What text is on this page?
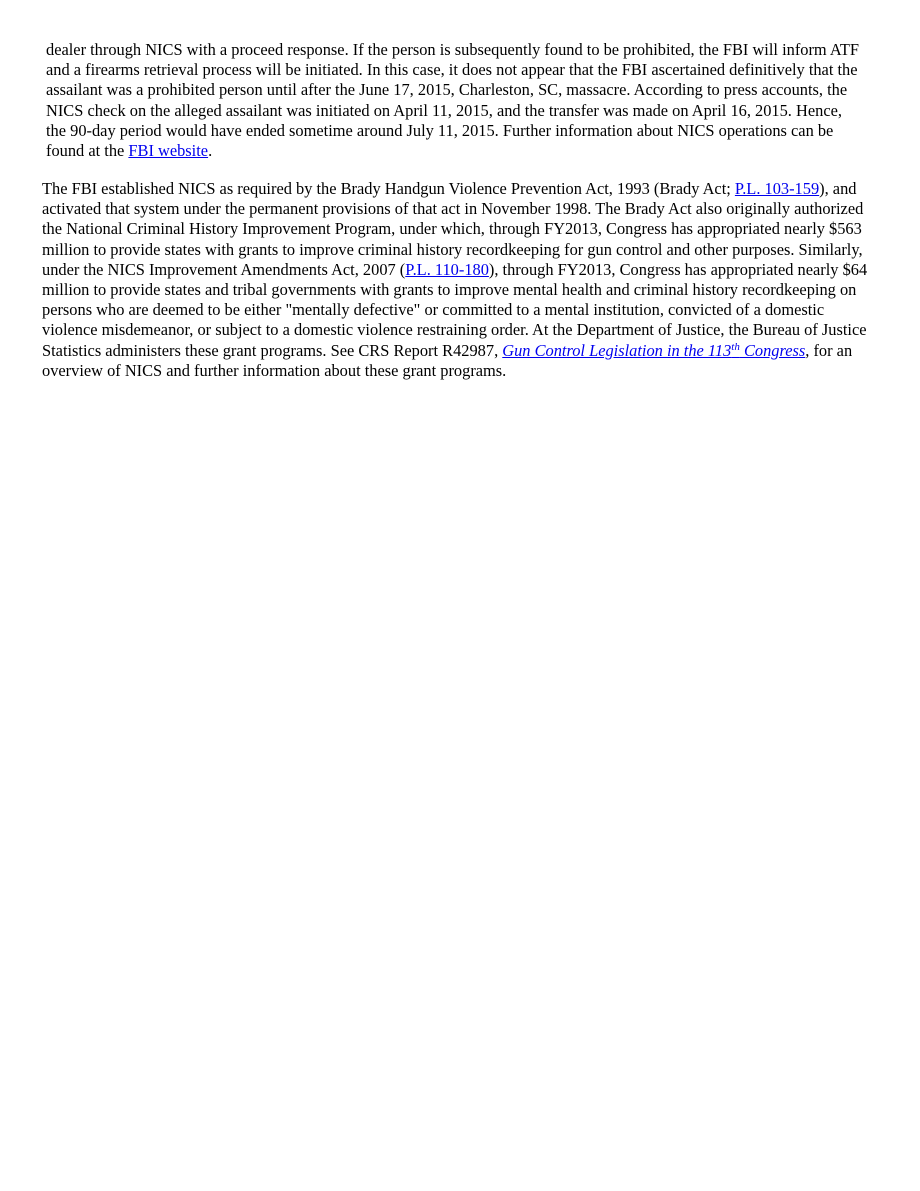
dealer through NICS with a proceed response. If the person is subsequently found to be prohibited, the FBI will inform ATF and a firearms retrieval process will be initiated. In this case, it does not appear that the FBI ascertained definitively that the assailant was a prohibited person until after the June 17, 2015, Charleston, SC, massacre. According to press accounts, the NICS check on the alleged assailant was initiated on April 11, 2015, and the transfer was made on April 16, 2015. Hence, the 90-day period would have ended sometime around July 11, 2015. Further information about NICS operations can be found at the FBI website.

The FBI established NICS as required by the Brady Handgun Violence Prevention Act, 1993 (Brady Act; P.L. 103-159), and activated that system under the permanent provisions of that act in November 1998. The Brady Act also originally authorized the National Criminal History Improvement Program, under which, through FY2013, Congress has appropriated nearly $563 million to provide states with grants to improve criminal history recordkeeping for gun control and other purposes. Similarly, under the NICS Improvement Amendments Act, 2007 (P.L. 110-180), through FY2013, Congress has appropriated nearly $64 million to provide states and tribal governments with grants to improve mental health and criminal history recordkeeping on persons who are deemed to be either "mentally defective" or committed to a mental institution, convicted of a domestic violence misdemeanor, or subject to a domestic violence restraining order. At the Department of Justice, the Bureau of Justice Statistics administers these grant programs. See CRS Report R42987, Gun Control Legislation in the 113th Congress, for an overview of NICS and further information about these grant programs.
